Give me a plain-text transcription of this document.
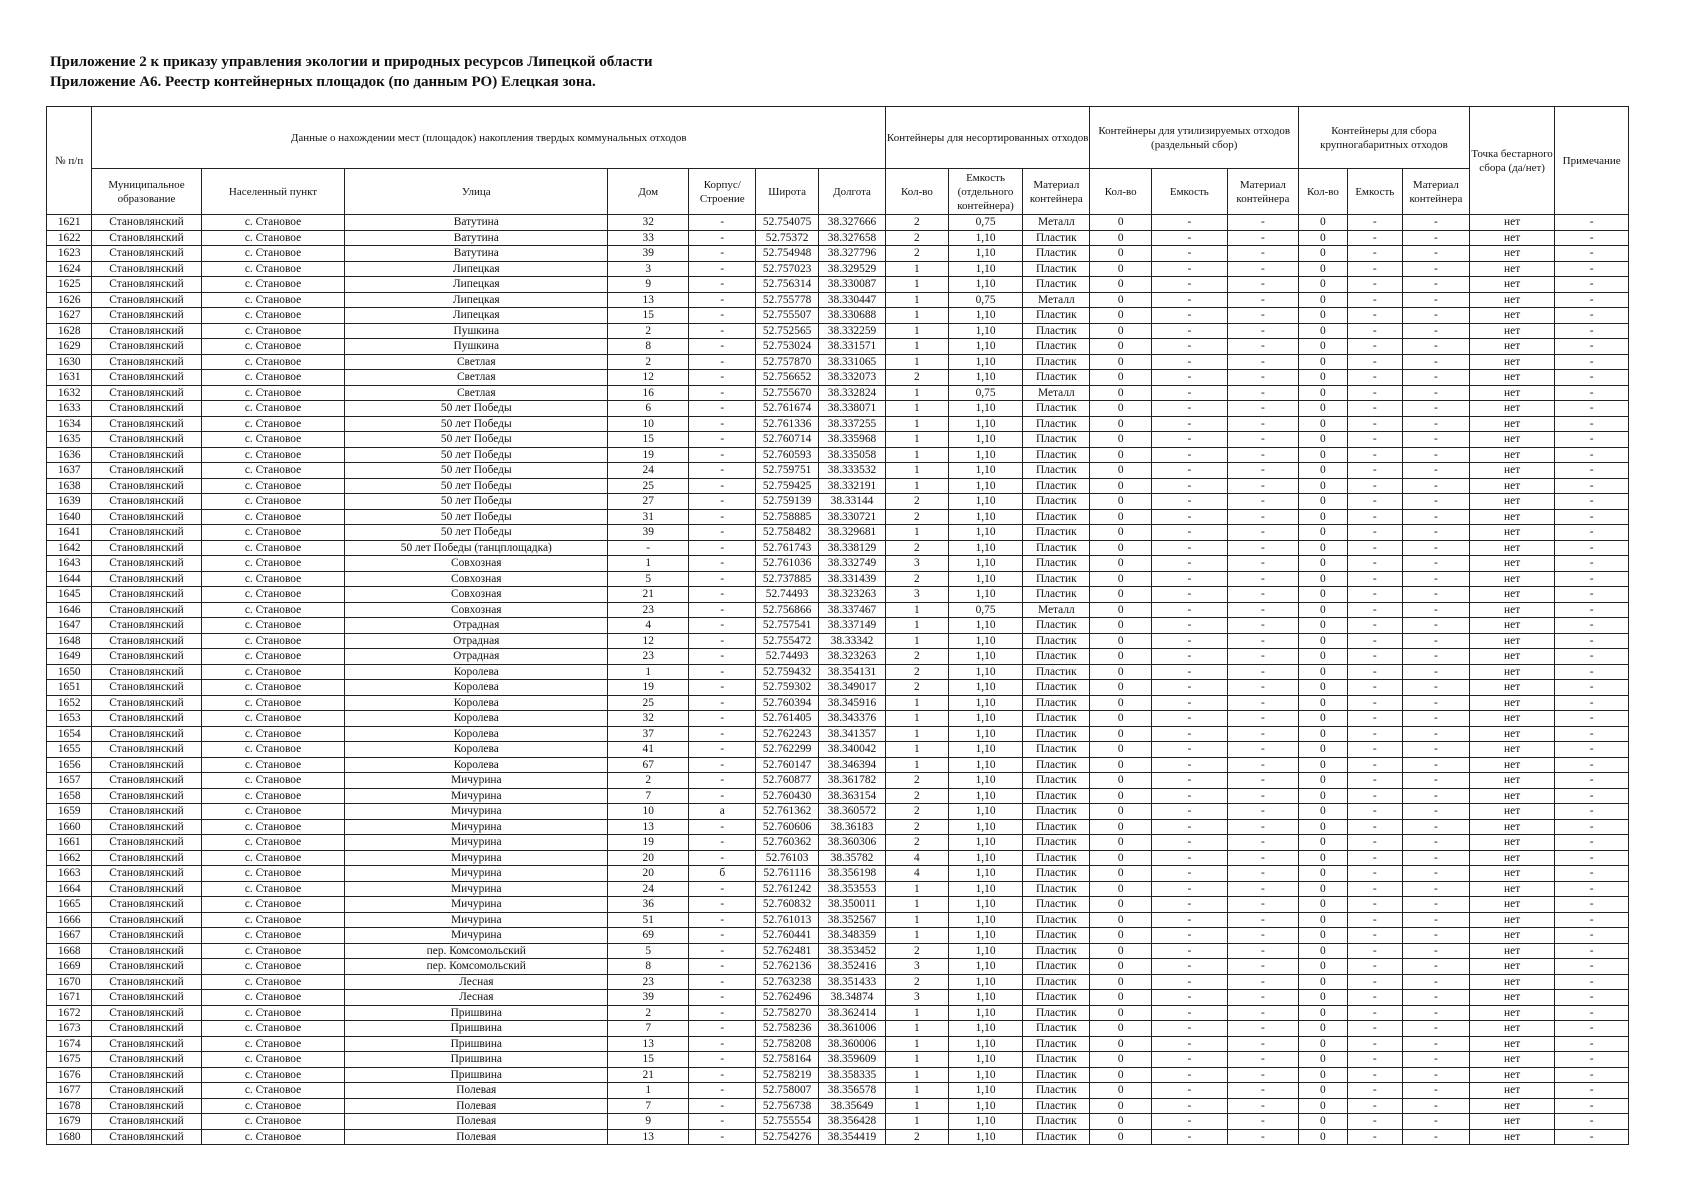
Приложение 2 к приказу управления экологии и природных ресурсов Липецкой области
Приложение А6. Реестр контейнерных площадок (по данным РО) Елецкая зона.
№ п/п	Данные о нахождении мест (площадок) накопления твердых коммунальных отходов							Контейнеры для несортированных отходов			Контейнеры для утилизируемых отходов (раздельный сбор)			Контейнеры для сбора крупногабаритных отходов			Точка бестарного сбора (да/нет)	Примечание
	Муниципальное образование	Населенный пункт	Улица	Дом	Корпус/ Строение	Широта	Долгота	Кол-во	Емкость (отдельного контейнера)	Материал контейнера	Кол-во	Емкость	Материал контейнера	Кол-во	Емкость	Материал контейнера		
1621	Становлянский	с. Становое	Ватутина	32	-	52.754075	38.327666	2	0,75	Металл	0	-	-	0	-	-	нет	-
1622	Становлянский	с. Становое	Ватутина	33	-	52.75372	38.327658	2	1,10	Пластик	0	-	-	0	-	-	нет	-
1623	Становлянский	с. Становое	Ватутина	39	-	52.754948	38.327796	2	1,10	Пластик	0	-	-	0	-	-	нет	-
1624	Становлянский	с. Становое	Липецкая	3	-	52.757023	38.329529	1	1,10	Пластик	0	-	-	0	-	-	нет	-
1625	Становлянский	с. Становое	Липецкая	9	-	52.756314	38.330087	1	1,10	Пластик	0	-	-	0	-	-	нет	-
1626	Становлянский	с. Становое	Липецкая	13	-	52.755778	38.330447	1	0,75	Металл	0	-	-	0	-	-	нет	-
1627	Становлянский	с. Становое	Липецкая	15	-	52.755507	38.330688	1	1,10	Пластик	0	-	-	0	-	-	нет	-
1628	Становлянский	с. Становое	Пушкина	2	-	52.752565	38.332259	1	1,10	Пластик	0	-	-	0	-	-	нет	-
1629	Становлянский	с. Становое	Пушкина	8	-	52.753024	38.331571	1	1,10	Пластик	0	-	-	0	-	-	нет	-
1630	Становлянский	с. Становое	Светлая	2	-	52.757870	38.331065	1	1,10	Пластик	0	-	-	0	-	-	нет	-
1631	Становлянский	с. Становое	Светлая	12	-	52.756652	38.332073	2	1,10	Пластик	0	-	-	0	-	-	нет	-
1632	Становлянский	с. Становое	Светлая	16	-	52.755670	38.332824	1	0,75	Металл	0	-	-	0	-	-	нет	-
1633	Становлянский	с. Становое	50 лет Победы	6	-	52.761674	38.338071	1	1,10	Пластик	0	-	-	0	-	-	нет	-
1634	Становлянский	с. Становое	50 лет Победы	10	-	52.761336	38.337255	1	1,10	Пластик	0	-	-	0	-	-	нет	-
1635	Становлянский	с. Становое	50 лет Победы	15	-	52.760714	38.335968	1	1,10	Пластик	0	-	-	0	-	-	нет	-
1636	Становлянский	с. Становое	50 лет Победы	19	-	52.760593	38.335058	1	1,10	Пластик	0	-	-	0	-	-	нет	-
1637	Становлянский	с. Становое	50 лет Победы	24	-	52.759751	38.333532	1	1,10	Пластик	0	-	-	0	-	-	нет	-
1638	Становлянский	с. Становое	50 лет Победы	25	-	52.759425	38.332191	1	1,10	Пластик	0	-	-	0	-	-	нет	-
1639	Становлянский	с. Становое	50 лет Победы	27	-	52.759139	38.33144	2	1,10	Пластик	0	-	-	0	-	-	нет	-
1640	Становлянский	с. Становое	50 лет Победы	31	-	52.758885	38.330721	2	1,10	Пластик	0	-	-	0	-	-	нет	-
1641	Становлянский	с. Становое	50 лет Победы	39	-	52.758482	38.329681	1	1,10	Пластик	0	-	-	0	-	-	нет	-
1642	Становлянский	с. Становое	50 лет Победы (танцплощадка)	-	-	52.761743	38.338129	2	1,10	Пластик	0	-	-	0	-	-	нет	-
1643	Становлянский	с. Становое	Совхозная	1	-	52.761036	38.332749	3	1,10	Пластик	0	-	-	0	-	-	нет	-
1644	Становлянский	с. Становое	Совхозная	5	-	52.737885	38.331439	2	1,10	Пластик	0	-	-	0	-	-	нет	-
1645	Становлянский	с. Становое	Совхозная	21	-	52.74493	38.323263	3	1,10	Пластик	0	-	-	0	-	-	нет	-
1646	Становлянский	с. Становое	Совхозная	23	-	52.756866	38.337467	1	0,75	Металл	0	-	-	0	-	-	нет	-
1647	Становлянский	с. Становое	Отрадная	4	-	52.757541	38.337149	1	1,10	Пластик	0	-	-	0	-	-	нет	-
1648	Становлянский	с. Становое	Отрадная	12	-	52.755472	38.33342	1	1,10	Пластик	0	-	-	0	-	-	нет	-
1649	Становлянский	с. Становое	Отрадная	23	-	52.74493	38.323263	2	1,10	Пластик	0	-	-	0	-	-	нет	-
1650	Становлянский	с. Становое	Королева	1	-	52.759432	38.354131	2	1,10	Пластик	0	-	-	0	-	-	нет	-
1651	Становлянский	с. Становое	Королева	19	-	52.759302	38.349017	2	1,10	Пластик	0	-	-	0	-	-	нет	-
1652	Становлянский	с. Становое	Королева	25	-	52.760394	38.345916	1	1,10	Пластик	0	-	-	0	-	-	нет	-
1653	Становлянский	с. Становое	Королева	32	-	52.761405	38.343376	1	1,10	Пластик	0	-	-	0	-	-	нет	-
1654	Становлянский	с. Становое	Королева	37	-	52.762243	38.341357	1	1,10	Пластик	0	-	-	0	-	-	нет	-
1655	Становлянский	с. Становое	Королева	41	-	52.762299	38.340042	1	1,10	Пластик	0	-	-	0	-	-	нет	-
1656	Становлянский	с. Становое	Королева	67	-	52.760147	38.346394	1	1,10	Пластик	0	-	-	0	-	-	нет	-
1657	Становлянский	с. Становое	Мичурина	2	-	52.760877	38.361782	2	1,10	Пластик	0	-	-	0	-	-	нет	-
1658	Становлянский	с. Становое	Мичурина	7	-	52.760430	38.363154	2	1,10	Пластик	0	-	-	0	-	-	нет	-
1659	Становлянский	с. Становое	Мичурина	10	а	52.761362	38.360572	2	1,10	Пластик	0	-	-	0	-	-	нет	-
1660	Становлянский	с. Становое	Мичурина	13	-	52.760606	38.36183	2	1,10	Пластик	0	-	-	0	-	-	нет	-
1661	Становлянский	с. Становое	Мичурина	19	-	52.760362	38.360306	2	1,10	Пластик	0	-	-	0	-	-	нет	-
1662	Становлянский	с. Становое	Мичурина	20	-	52.76103	38.35782	4	1,10	Пластик	0	-	-	0	-	-	нет	-
1663	Становлянский	с. Становое	Мичурина	20	б	52.761116	38.356198	4	1,10	Пластик	0	-	-	0	-	-	нет	-
1664	Становлянский	с. Становое	Мичурина	24	-	52.761242	38.353553	1	1,10	Пластик	0	-	-	0	-	-	нет	-
1665	Становлянский	с. Становое	Мичурина	36	-	52.760832	38.350011	1	1,10	Пластик	0	-	-	0	-	-	нет	-
1666	Становлянский	с. Становое	Мичурина	51	-	52.761013	38.352567	1	1,10	Пластик	0	-	-	0	-	-	нет	-
1667	Становлянский	с. Становое	Мичурина	69	-	52.760441	38.348359	1	1,10	Пластик	0	-	-	0	-	-	нет	-
1668	Становлянский	с. Становое	пер. Комсомольский	5	-	52.762481	38.353452	2	1,10	Пластик	0	-	-	0	-	-	нет	-
1669	Становлянский	с. Становое	пер. Комсомольский	8	-	52.762136	38.352416	3	1,10	Пластик	0	-	-	0	-	-	нет	-
1670	Становлянский	с. Становое	Лесная	23	-	52.763238	38.351433	2	1,10	Пластик	0	-	-	0	-	-	нет	-
1671	Становлянский	с. Становое	Лесная	39	-	52.762496	38.34874	3	1,10	Пластик	0	-	-	0	-	-	нет	-
1672	Становлянский	с. Становое	Пришвина	2	-	52.758270	38.362414	1	1,10	Пластик	0	-	-	0	-	-	нет	-
1673	Становлянский	с. Становое	Пришвина	7	-	52.758236	38.361006	1	1,10	Пластик	0	-	-	0	-	-	нет	-
1674	Становлянский	с. Становое	Пришвина	13	-	52.758208	38.360006	1	1,10	Пластик	0	-	-	0	-	-	нет	-
1675	Становлянский	с. Становое	Пришвина	15	-	52.758164	38.359609	1	1,10	Пластик	0	-	-	0	-	-	нет	-
1676	Становлянский	с. Становое	Пришвина	21	-	52.758219	38.358335	1	1,10	Пластик	0	-	-	0	-	-	нет	-
1677	Становлянский	с. Становое	Полевая	1	-	52.758007	38.356578	1	1,10	Пластик	0	-	-	0	-	-	нет	-
1678	Становлянский	с. Становое	Полевая	7	-	52.756738	38.35649	1	1,10	Пластик	0	-	-	0	-	-	нет	-
1679	Становлянский	с. Становое	Полевая	9	-	52.755554	38.356428	1	1,10	Пластик	0	-	-	0	-	-	нет	-
1680	Становлянский	с. Становое	Полевая	13	-	52.754276	38.354419	2	1,10	Пластик	0	-	-	0	-	-	нет	-
